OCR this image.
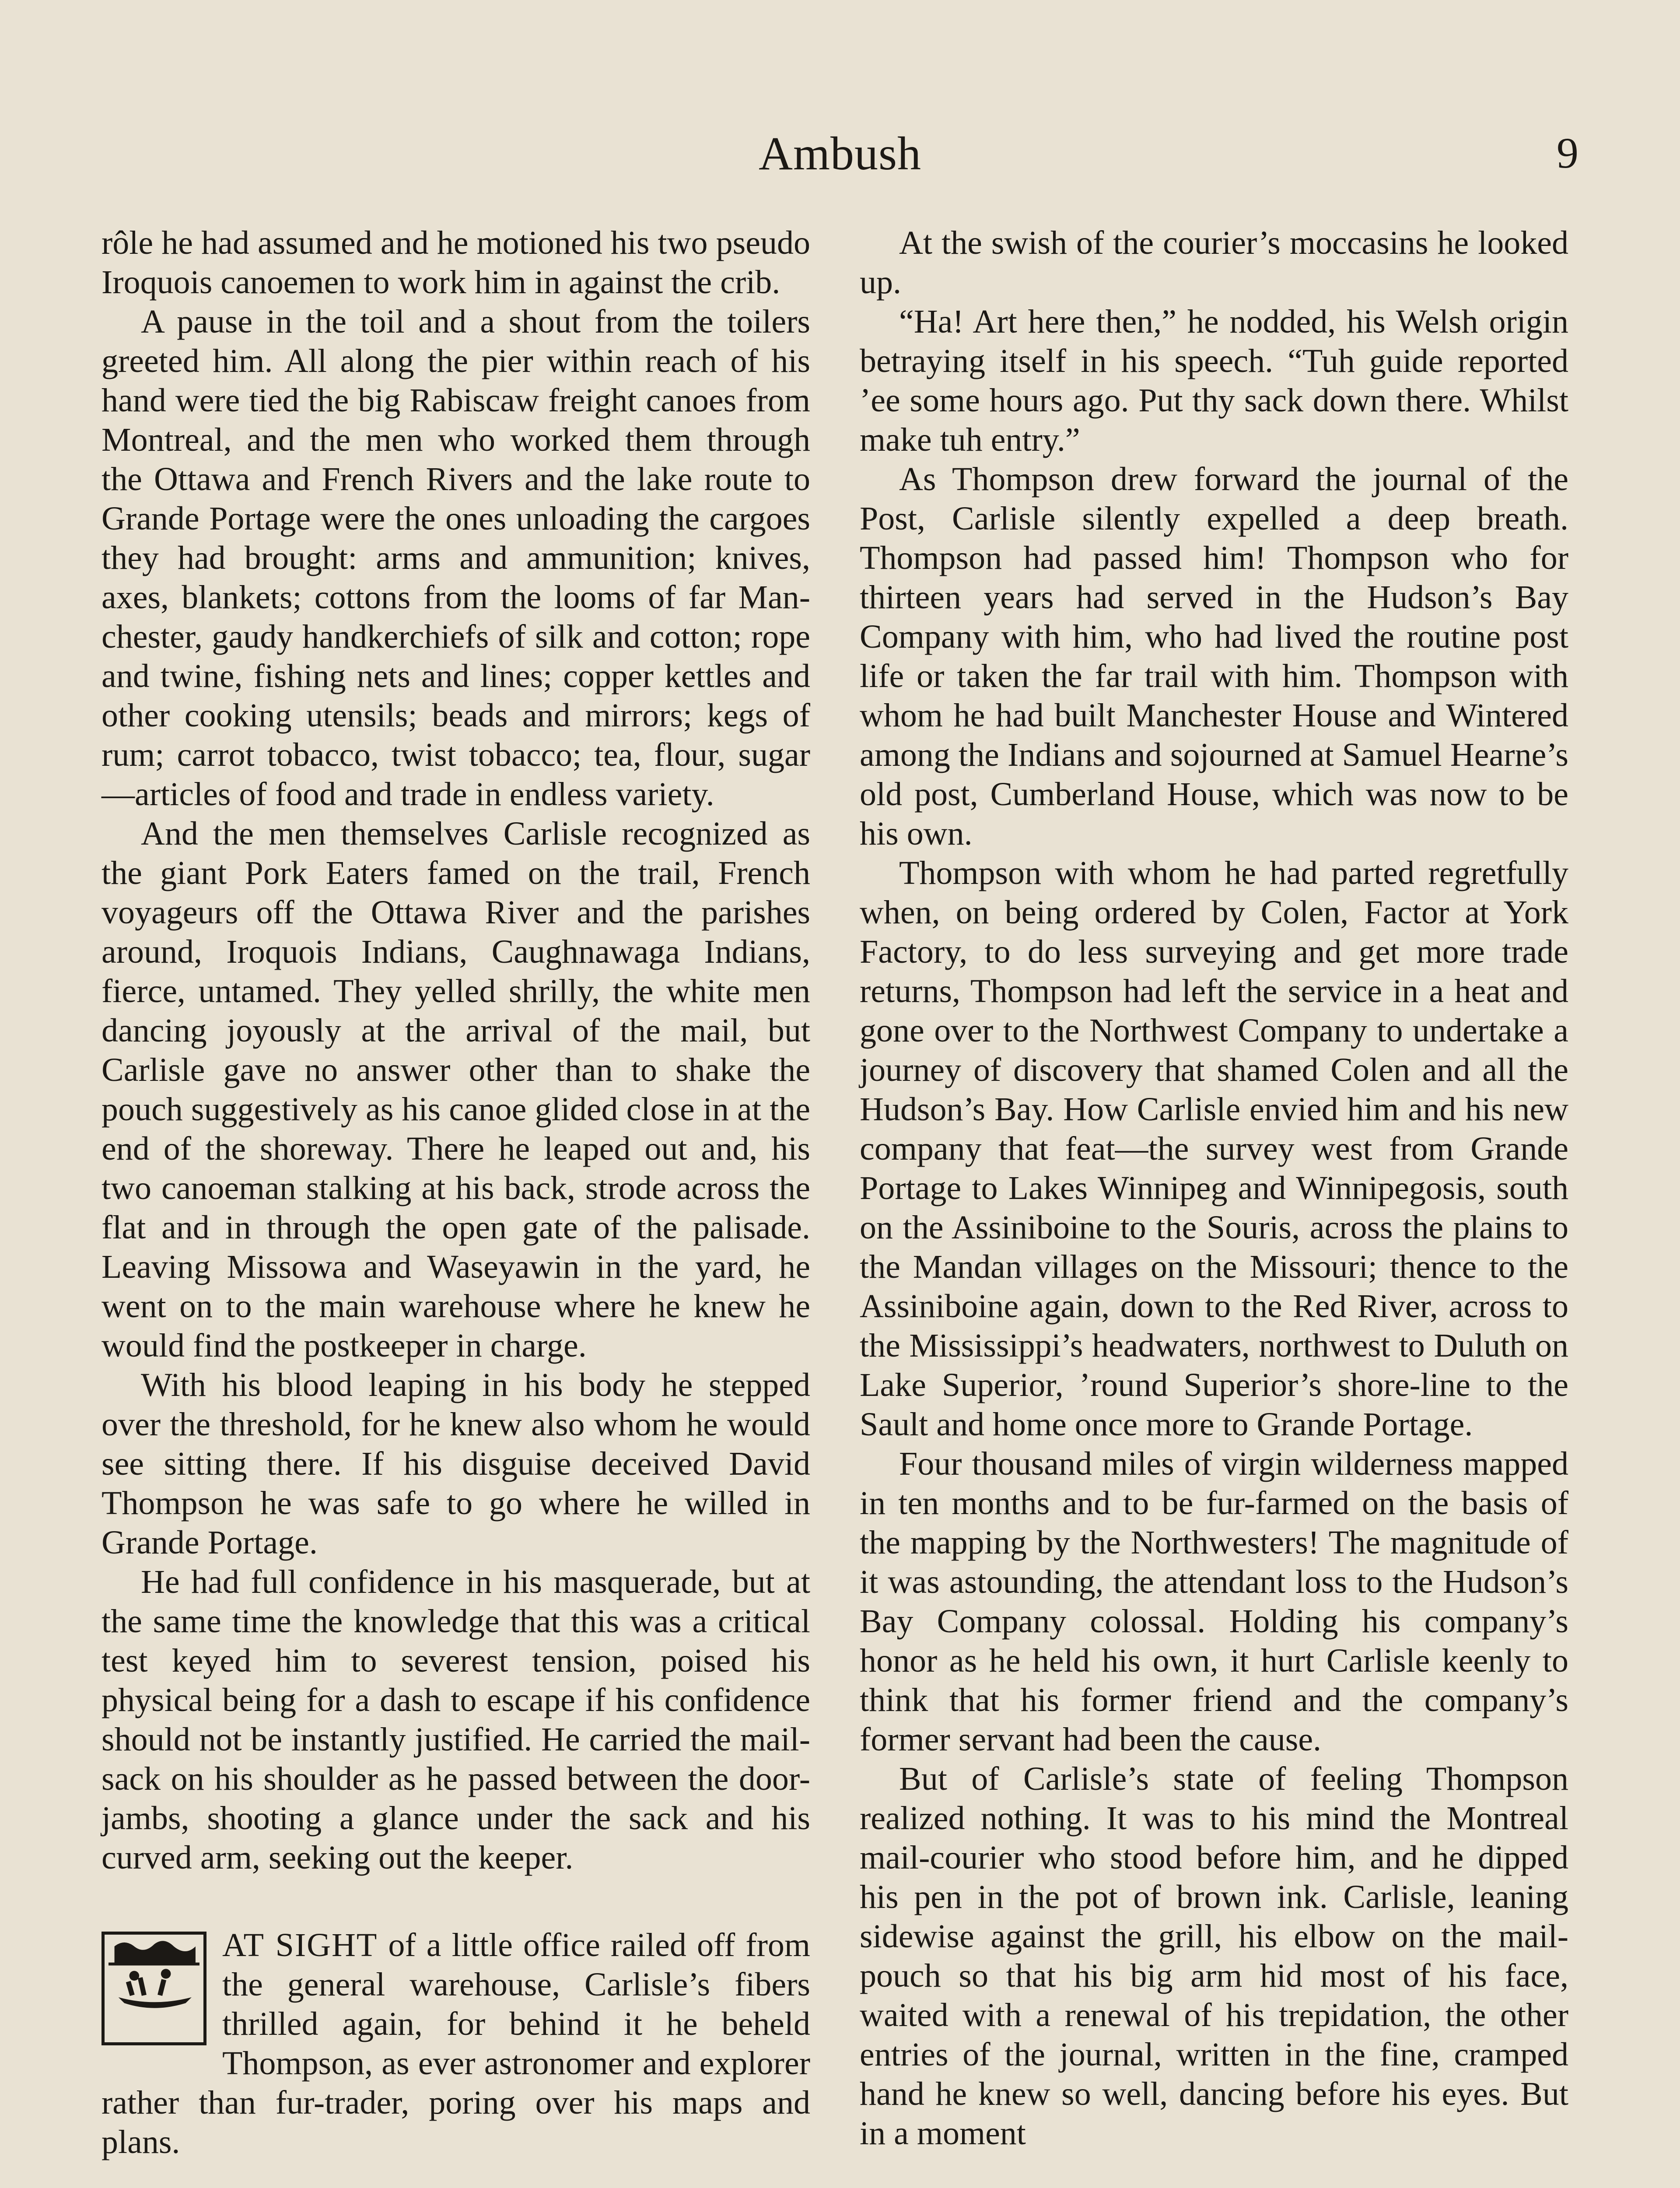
Ambush	9

rôle he had assumed and he motioned his two pseudo Iroquois canoemen to work him in against the crib.

A pause in the toil and a shout from the toilers greeted him. All along the pier within reach of his hand were tied the big Rabiscaw freight canoes from Montreal, and the men who worked them through the Ottawa and French Rivers and the lake route to Grande Portage were the ones unloading the cargoes they had brought: arms and ammunition; knives, axes, blankets; cottons from the looms of far Manchester, gaudy handkerchiefs of silk and cotton; rope and twine, fishing nets and lines; copper kettles and other cooking utensils; beads and mirrors; kegs of rum; carrot tobacco, twist tobacco; tea, flour, sugar —articles of food and trade in endless variety.

And the men themselves Carlisle recognized as the giant Pork Eaters famed on the trail, French voyageurs off the Ottawa River and the parishes around, Iroquois Indians, Caughnawaga Indians, fierce, untamed. They yelled shrilly, the white men dancing joyously at the arrival of the mail, but Carlisle gave no answer other than to shake the pouch suggestively as his canoe glided close in at the end of the shoreway. There he leaped out and, his two canoeman stalking at his back, strode across the flat and in through the open gate of the palisade. Leaving Missowa and Waseyawin in the yard, he went on to the main warehouse where he knew he would find the postkeeper in charge.

With his blood leaping in his body he stepped over the threshold, for he knew also whom he would see sitting there. If his disguise deceived David Thompson he was safe to go where he willed in Grande Portage.

He had full confidence in his masquerade, but at the same time the knowledge that this was a critical test keyed him to severest tension, poised his physical being for a dash to escape if his confidence should not be instantly justified. He carried the mailsack on his shoulder as he passed between the door-jambs, shooting a glance under the sack and his curved arm, seeking out the keeper.

AT SIGHT of a little office railed off from the general warehouse, Carlisle’s fibers thrilled again, for behind it he beheld Thompson, as ever astronomer and explorer rather than fur-trader, poring over his maps and plans.

At the swish of the courier’s moccasins he looked up.

“Ha! Art here then,” he nodded, his Welsh origin betraying itself in his speech. “Tuh guide reported ’ee some hours ago. Put thy sack down there. Whilst make tuh entry.”

As Thompson drew forward the journal of the Post, Carlisle silently expelled a deep breath. Thompson had passed him! Thompson who for thirteen years had served in the Hudson’s Bay Company with him, who had lived the routine post life or taken the far trail with him. Thompson with whom he had built Manchester House and Wintered among the Indians and sojourned at Samuel Hearne’s old post, Cumberland House, which was now to be his own.

Thompson with whom he had parted regretfully when, on being ordered by Colen, Factor at York Factory, to do less surveying and get more trade returns, Thompson had left the service in a heat and gone over to the Northwest Company to undertake a journey of discovery that shamed Colen and all the Hudson’s Bay. How Carlisle envied him and his new company that feat—the survey west from Grande Portage to Lakes Winnipeg and Winnipegosis, south on the Assiniboine to the Souris, across the plains to the Mandan villages on the Missouri; thence to the Assiniboine again, down to the Red River, across to the Mississippi’s headwaters, northwest to Duluth on Lake Superior, ’round Superior’s shore-line to the Sault and home once more to Grande Portage.

Four thousand miles of virgin wilderness mapped in ten months and to be fur-farmed on the basis of the mapping by the Northwesters! The magnitude of it was astounding, the attendant loss to the Hudson’s Bay Company colossal. Holding his company’s honor as he held his own, it hurt Carlisle keenly to think that his former friend and the company’s former servant had been the cause.

But of Carlisle’s state of feeling Thompson realized nothing. It was to his mind the Montreal mail-courier who stood before him, and he dipped his pen in the pot of brown ink. Carlisle, leaning sidewise against the grill, his elbow on the mailpouch so that his big arm hid most of his face, waited with a renewal of his trepidation, the other entries of the journal, written in the fine, cramped hand he knew so well, dancing before his eyes. But in a moment
